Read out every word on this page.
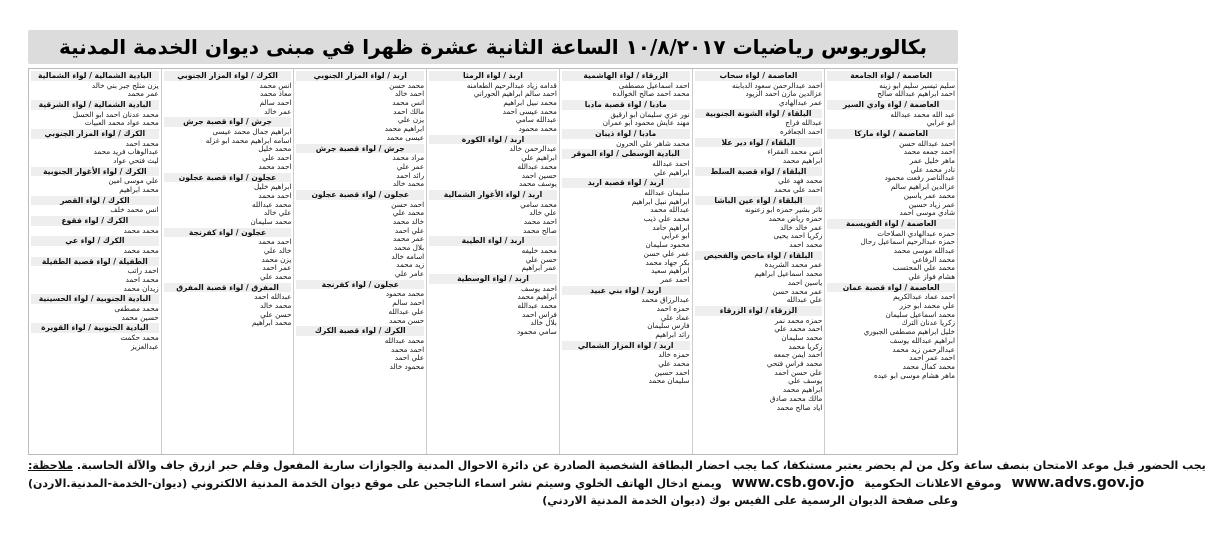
بكالوريوس رياضيات ١٠/٨/٢٠١٧ الساعة الثانية عشرة ظهرا في مبنى ديوان الخدمة المدنية
العاصمة / لواء الجامعة
سليم تيسير سليم ابو زينه
احمد ابراهيم عبدالله صالح
العاصمة / لواء وادي السير
عبد الله محمد عبدالله
ابو عرابي
العاصمة / لواء ماركا
احمد عبدالله حسن
احمد جمعه محمد
ماهر خليل عمر
نادر محمد علي
عبدالناصر رفعت محمود
عزالدين ابراهيم سالم
محمد عمر ياسين
عمر زياد حسين
شادي موسى احمد
العاصمة / لواء القويسمة
حمزه عبدالهادي الصلاحات
حمزه عبدالرحيم اسماعيل رحال
عبدالله موسى محمد
محمد الرفاعي
محمد علي المحتسب
هشام فواز علي
العاصمة / لواء قصبة عمان
احمد عماد عبدالكريم
علي محمد ابو جزر
محمد اسماعيل سليمان
زكريا عدنان الترك
خليل ابراهيم مصطفى الجبوري
ابراهيم عبدالله يوسف
عبدالرحمن زيد محمد
احمد عمر احمد
محمد كمال محمد
ماهر هشام موسى ابو عيده
العاصمة / لواء سحاب
احمد عبدالرحمن سعود الدبابنه
عزالدين مازن احمد الزيود
عمر عبدالهادي
البلقاء / لواء الشونة الجنوبية
عبدالله فراج
احمد الجعافره
البلقاء / لواء دير علا
انس محمد الفقراء
ابراهيم محمد
البلقاء / لواء قصبة السلط
محمد فهد علي
احمد علي محمد
البلقاء / لواء عين الباشا
ثائر بشير حمزه ابو زعنونه
حمزه رياض محمد
عمر خالد خالد
زكريا احمد يحيى
محمد احمد
البلقاء / لواء ماحص والفحيص
عمر محمد الشريدة
محمد اسماعيل ابراهيم
ياسين احمد
عمر محمد حسن
علي عبدالله
الزرقاء / لواء الزرقاء
حمزه محمد نمر
احمد محمد علي
محمد سليمان
زكريا محمد
احمد ايمن جمعه
محمد فراس فتحي
علي حسن احمد
يوسف علي
ابراهيم محمد
مالك محمد صادق
اياد صالح محمد
الزرقاء / لواء الهاشمية
احمد اسماعيل مصطفى
محمد احمد صالح الخوالده
مادبا / لواء قصبة مادبا
نور عزي سليمان ابو ارقيق
مهند عايش محمود ابو عمران
مادبا / لواء ذيبان
محمد شاهر علي الحرون
البادية الوسطى / لواء الموقر
احمد عبدالله
ابراهيم علي
اربد / لواء قصبة اربد
سليمان عبدالله
ابراهيم نبيل ابراهيم
عبدالله محمد
محمد علي ذيب
ابراهيم حامد
ابو عرابي
محمود سليمان
عمر علي حسن
بكر جهاد محمد
ابراهيم سعيد
احمد عمر
اربد / لواء بني عبيد
عبدالرزاق محمد
حمزه احمد
عماد علي
فارس سليمان
رائد ابراهيم
اربد / لواء المزار الشمالي
حمزه خالد
محمد علي
احمد حسين
سليمان محمد
اربد / لواء الرمثا
قدامه زياد عبدالرحيم الطعامنه
احمد سالم ابراهيم الحوراني
محمد نبيل ابراهيم
محمد عيسى احمد
عبدالله سامي
محمد محمود
اربد / لواء الكورة
عبدالرحمن خالد
ابراهيم علي
محمد عبدالله
حسين احمد
يوسف محمد
اربد / لواء الأغوار الشمالية
محمد سامي
علي خالد
احمد محمد
صالح محمد
اربد / لواء الطيبة
محمد خليفه
حسن علي
عمر ابراهيم
اربد / لواء الوسطية
احمد يوسف
ابراهيم محمد
محمد عبدالله
فراس احمد
بلال خالد
سامي محمود
اربد / لواء المزار الجنوبي
محمد حسن
احمد خالد
انس محمد
مالك احمد
يزن علي
ابراهيم محمد
عيسى محمد
جرش / لواء قصبة جرش
مراد محمد
عمر علي
رائد احمد
محمد خالد
عجلون / لواء قصبة عجلون
احمد حسن
محمد علي
خالد محمد
علي احمد
عمر محمد
بلال محمد
اسامه خالد
زيد محمد
عامر علي
عجلون / لواء كفرنجة
محمد محمود
احمد سالم
علي عبدالله
حسن محمد
الكرك / لواء قصبة الكرك
محمد عبدالله
احمد محمد
علي احمد
محمود خالد
الكرك / لواء المزار الجنوبي
انس محمد
معاذ محمد
احمد سالم
عمر خالد
جرش / لواء قصبة جرش
ابراهيم جمال محمد عيسى
اسامه ابراهيم محمد ابو غزله
محمد خليل
احمد علي
احمد محمد
عجلون / لواء قصبة عجلون
ابراهيم خليل
احمد محمد
محمد عبدالله
علي خالد
محمد سليمان
عجلون / لواء كفرنجة
احمد محمد
خالد علي
يزن محمد
عمر احمد
محمد علي
المفرق / لواء قصبة المفرق
عبدالله احمد
محمد خالد
حسن علي
محمد ابراهيم
البادية الشمالية / لواء الشمالية
يزن منلح جبر بني خالد
عمر محمد
البادية الشمالية / لواء الشرقية
محمد عدنان احمد ابو الحسل
محمد عواد محمد العبيات
الكرك / لواء المزار الجنوبي
محمد احمد
عبدالوهاب فريد محمد
ليث فتحي عواد
الكرك / لواء الأغوار الجنوبية
علي موسى امين
محمد ابراهيم
الكرك / لواء القصر
انس محمد خلف
الكرك / لواء فقوع
محمد محمد
الكرك / لواء عي
محمد محمد
الطفيلة / لواء قصبة الطفيلة
احمد راتب
محمد احمد
زيدان محمد
البادية الجنوبية / لواء الحسينية
محمد مصطفى
حسين محمد
البادية الجنوبية / لواء القويرة
محمد حكمت
عبدالعزيز
ملاحظة: يجب الحضور قبل موعد الامتحان بنصف ساعة وكل من لم يحضر يعتبر مستنكفا، كما يجب احضار البطاقة الشخصية الصادرة عن دائرة الاحوال المدنية والجوازات سارية المفعول وقلم حبر ازرق جاف والآلة الحاسبة.
ويمنع ادخال الهاتف الخلوي وسيتم نشر اسماء الناجحين على موقع ديوان الخدمة المدنية الالكتروني (ديوان-الخدمة-المدنية.الاردن) www.csb.gov.jo وموقع الاعلانات الحكومية www.advs.gov.jo
وعلى صفحة الديوان الرسمية على الفيس بوك (ديوان الخدمة المدنية الاردني)
